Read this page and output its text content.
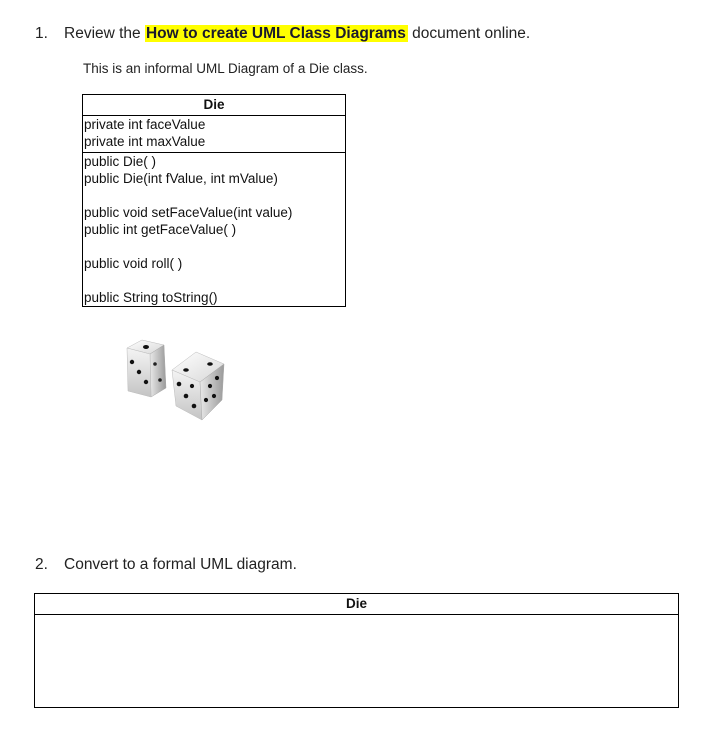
1. Review the How to create UML Class Diagrams document online.
This is an informal UML Diagram of a Die class.
Die
private int faceValue
private int maxValue
public Die( )
public Die(int fValue, int mValue)
public void setFaceValue(int value)
public int getFaceValue( )
public void roll( )
public String toString()
2. Convert to a formal UML diagram.
Die
